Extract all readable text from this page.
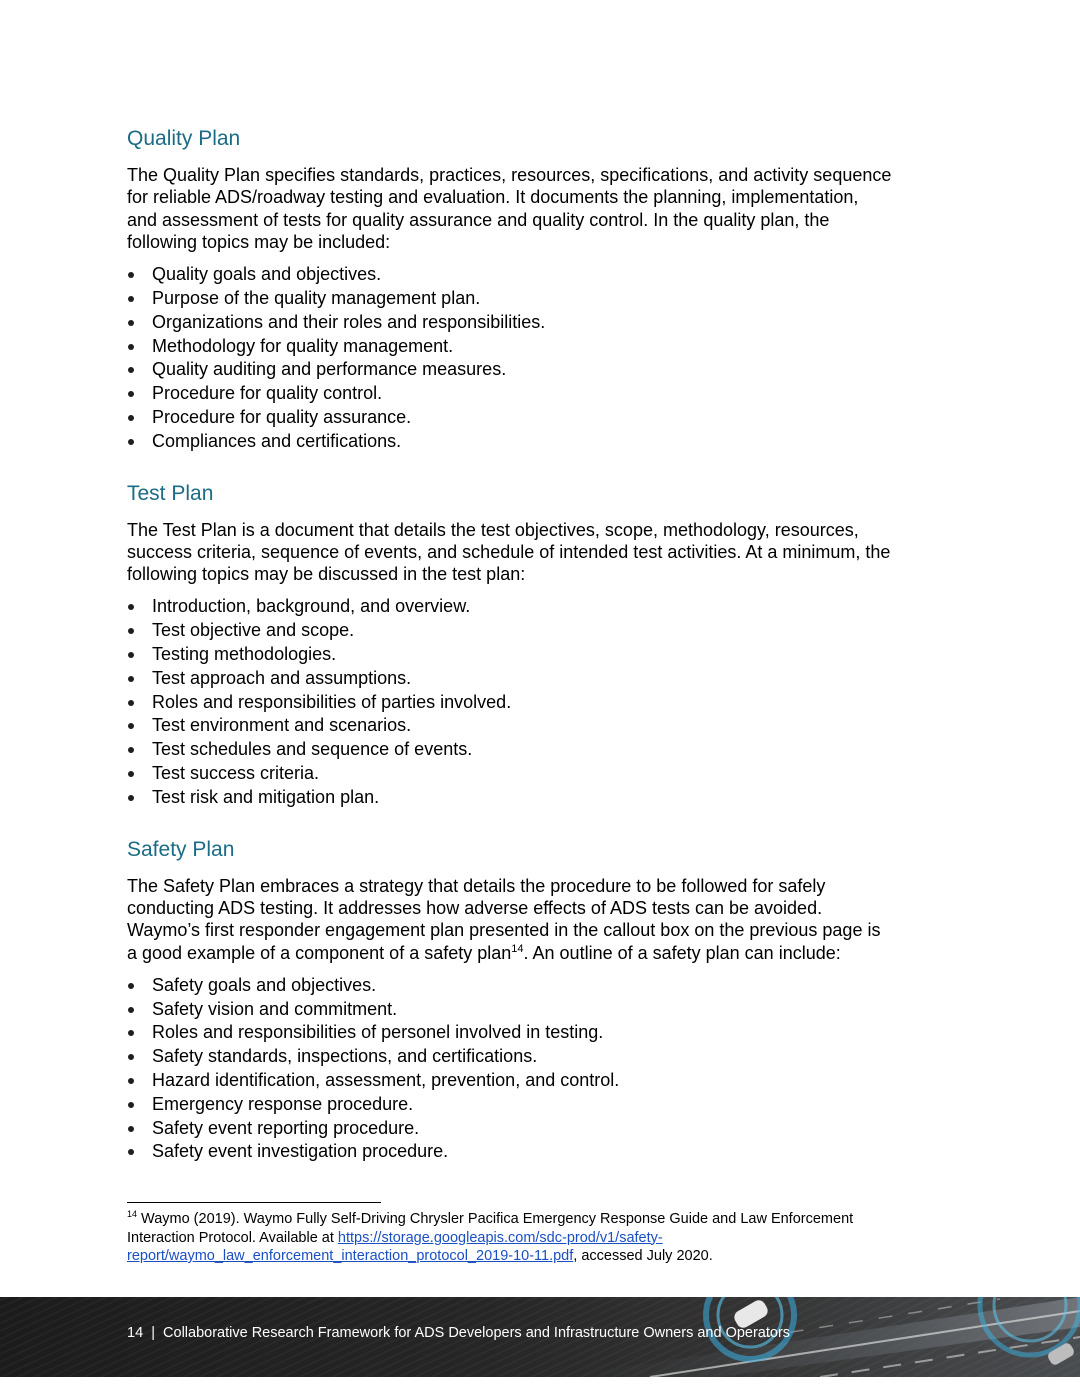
Quality Plan

The Quality Plan specifies standards, practices, resources, specifications, and activity sequence
for reliable ADS/roadway testing and evaluation. It documents the planning, implementation,
and assessment of tests for quality assurance and quality control. In the quality plan, the
following topics may be included:

Quality goals and objectives.
Purpose of the quality management plan.
Organizations and their roles and responsibilities.
Methodology for quality management.
Quality auditing and performance measures.
Procedure for quality control.
Procedure for quality assurance.
Compliances and certifications.
Test Plan

The Test Plan is a document that details the test objectives, scope, methodology, resources,
success criteria, sequence of events, and schedule of intended test activities. At a minimum, the
following topics may be discussed in the test plan:

Introduction, background, and overview.
Test objective and scope.
Testing methodologies.
Test approach and assumptions.
Roles and responsibilities of parties involved.
Test environment and scenarios.
Test schedules and sequence of events.
Test success criteria.
Test risk and mitigation plan.
Safety Plan

The Safety Plan embraces a strategy that details the procedure to be followed for safely
conducting ADS testing. It addresses how adverse effects of ADS tests can be avoided.
Waymo’s first responder engagement plan presented in the callout box on the previous page is
a good example of a component of a safety plan$^{14}$. An outline of a safety plan can include:

Safety goals and objectives.
Safety vision and commitment.
Roles and responsibilities of personel involved in testing.
Safety standards, inspections, and certifications.
Hazard identification, assessment, prevention, and control.
Emergency response procedure.
Safety event reporting procedure.
Safety event investigation procedure.
$^{14}$ Waymo (2019). Waymo Fully Self-Driving Chrysler Pacifica Emergency Response Guide and Law Enforcement
Interaction Protocol. Available at https://storage.googleapis.com/sdc-prod/v1/safety-
report/waymo_law_enforcement_interaction_protocol_2019-10-11.pdf, accessed July 2020.
14 | Collaborative Research Framework for ADS Developers and Infrastructure Owners and Operators
